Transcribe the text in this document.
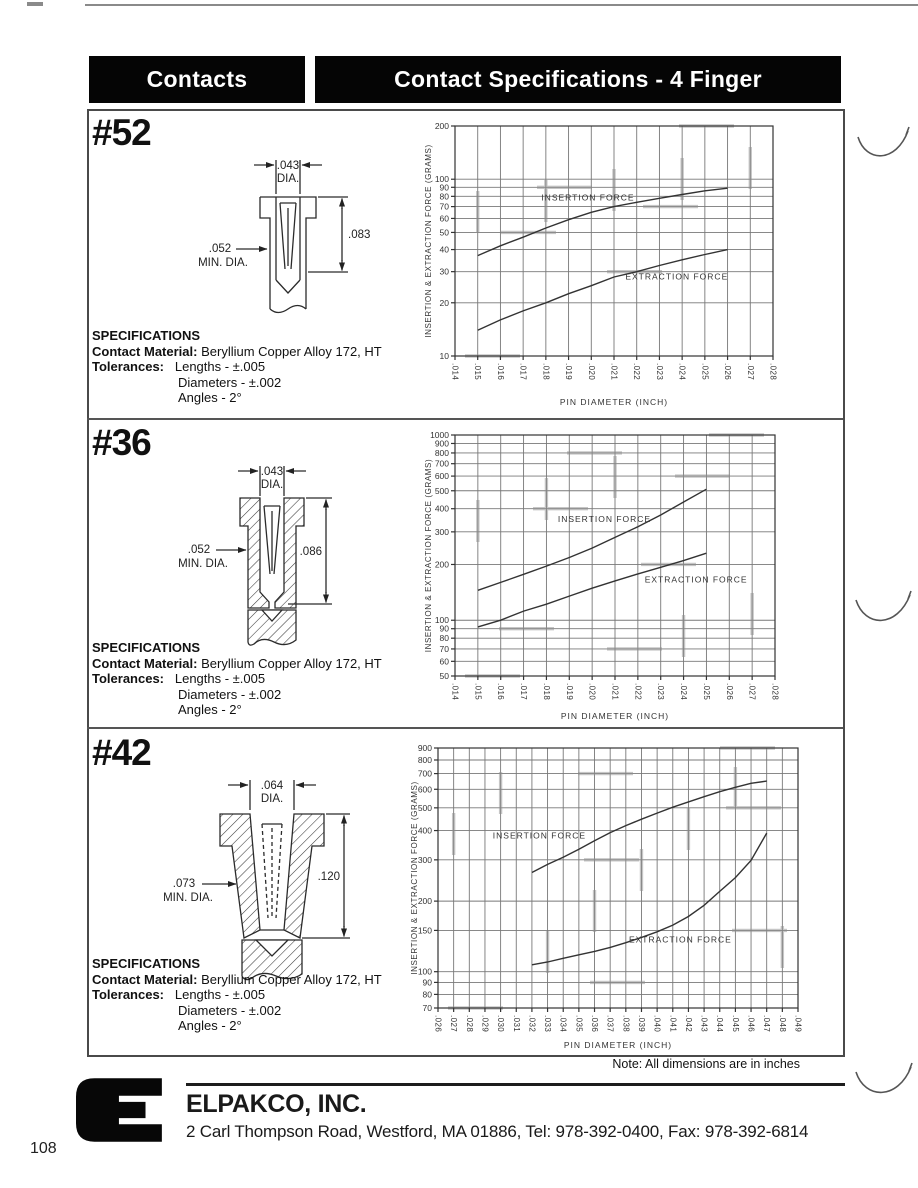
Contacts	Contact Specifications - 4 Finger
#52
.043
DIA.
.083
.052
MIN. DIA.
SPECIFICATIONS
Contact Material: Beryllium Copper Alloy 172, HT
Tolerances: Lengths - ±.005
Diameters - ±.002
Angles - 2°
.014 .015 .016 .017 .018 .019 .020 .021 .022 .023 .024 .025 .026 .027 .028
10
20
30
40
50
60
70
80
90
100
200
INSERTION FORCE
EXTRACTION FORCE
PIN DIAMETER (INCH)
INSERTION & EXTRACTION FORCE (GRAMS)
#36
.043
DIA.
.086
.052
MIN. DIA.
SPECIFICATIONS
Contact Material: Beryllium Copper Alloy 172, HT
Tolerances: Lengths - ±.005
Diameters - ±.002
Angles - 2°
.014 .015 .016 .017 .018 .019 .020 .021 .022 .023 .024 .025 .026 .027 .028
50
60
70
80
90
100
200
300
400
500
600
700
800
900
1000
INSERTION FORCE
EXTRACTION FORCE
PIN DIAMETER (INCH)
INSERTION & EXTRACTION FORCE (GRAMS)
#42
.064
DIA.
.120
.073
MIN. DIA.
SPECIFICATIONS
Contact Material: Beryllium Copper Alloy 172, HT
Tolerances: Lengths - ±.005
Diameters - ±.002
Angles - 2°	.026 .027 .028 .029 .030 .031 .032 .033 .034 .035 .036 .037 .038 .039 .040 .041 .042 .043 .044 .045 .046 .047 .048 .049
70
80
90
100
150
200
300
400
500
600
700
800
900
INSERTION FORCE
EXTRACTION FORCE
PIN DIAMETER (INCH)
INSERTION & EXTRACTION FORCE (GRAMS)
Note: All dimensions are in inches
ELPAKCO, INC.
2 Carl Thompson Road, Westford, MA 01886, Tel: 978-392-0400, Fax: 978-392-6814
108
